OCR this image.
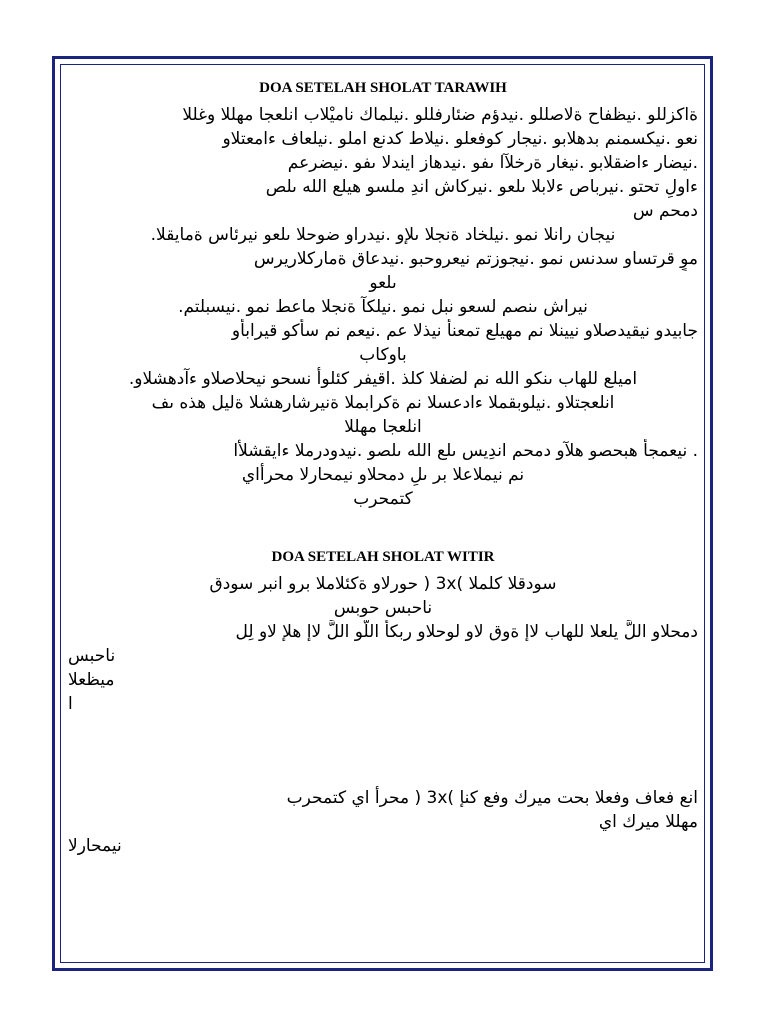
DOA SETELAH SHOLAT TARAWIH
ةاكزللو .نيظفاح ةلاصللو .نيدؤم ضئارفللو .نيلماك ناميْلاب انلعجا مهللا وغللا
نعو .نيكسمنم بدهلابو .نيجار كوفعلو .نيلاط كدنع املو .نيلعاف ءامعتلاو
.نيضار ءاضقلابو .نيغار ةرخلآا ىفو .نيدهاز ايندلا ىفو .نيضرعم
ءاولِ تحتو .نيرباص ءلابلا ىلعو .نيركاش اندِ ملسو هيلع الله ىلص
دمحم س
نيجان رانلا نمو .نيلخاد ةنجلا ىلإو .نيدراو ضوحلا ىلعو نيرئاس ةمايقلا.
موٍ قرتساو سدنس نمو .نيجوزتم نيعروحبو .نيدعاق ةماركلاريرس
ىلعو
نيراش ىنصم لسعو نبل نمو .نيلكآ ةنجلا ماعط نمو .نيسبلتم.
جابيدو نيقيدصلاو نيينلا نم مهيلع تمعنأ نيذلا عم .نيعم نم سأكو قيرابأو
باوكاب
اميلع للهاب ىنكو الله نم لضفلا كلذ .اقيفر كئلوأ نسحو نيحلاصلاو ءآدهشلاو.
انلعجتلاو .نيلوبقملا ءادعسلا نم ةكرابملا ةنيرشارهشلا ةليل هذه ىف
انلعجا مهللا
. نيعمجأ هبحصو هلآو دمحم اندِيس ىلع الله ىلصو .نيدودرملا ءايقشلأا
نم نيملاعلا بر ىلِ دمحلاو نيمحارلا محرأاي
كتمحرب
DOA SETELAH SHOLAT WITIR
سودقلا كلملا )3x ( حورلاو ةكئلاملا برو انبر سودق
ناحبس حوبس
دمحلاو اللَّ يلعلا للهاب لاإ ةوق لاو لوحلاو ربكأ اللَّو اللَّ لاإ هلإ لاو لِل
ناحبس
ميظعلا
ا
انع فعاف وفعلا بحت ميرك وفع كنإ )3x ( محرأ اي كتمحرب
مهللا ميرك اي
نيمحارلا
